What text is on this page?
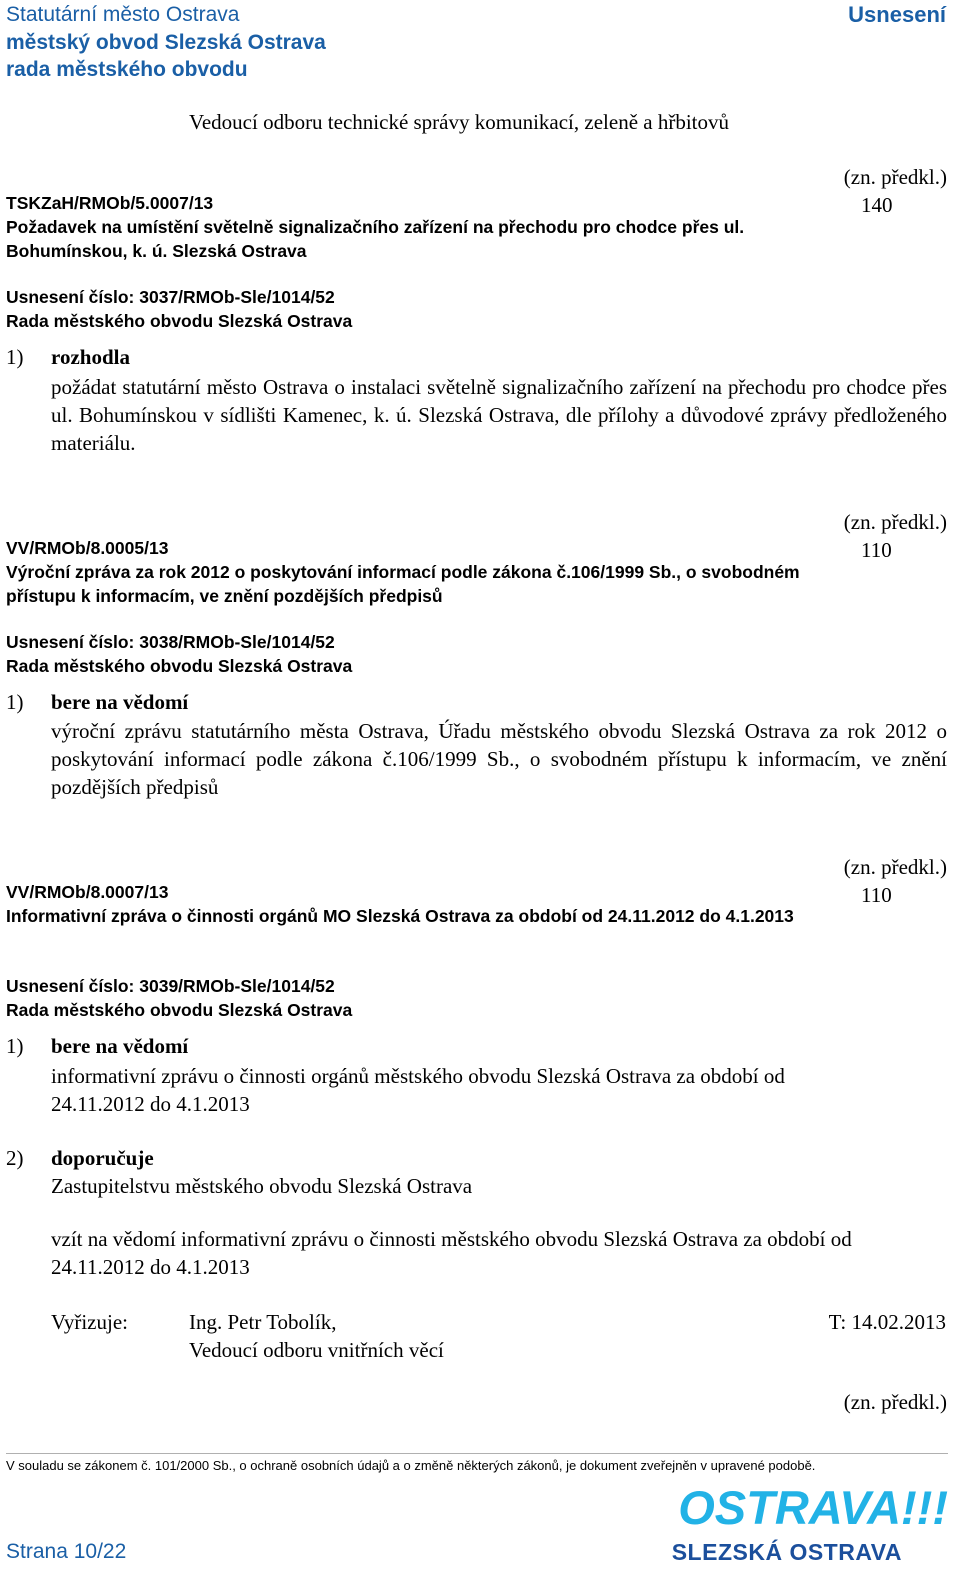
Statutární město Ostrava
městský obvod Slezská Ostrava
rada městského obvodu
Usnesení
Vedoucí odboru technické správy komunikací, zeleně a hřbitovů
(zn. předkl.)
140
TSKZaH/RMOb/5.0007/13
Požadavek na umístění světelně signalizačního zařízení na přechodu pro chodce přes ul. Bohumínskou, k. ú. Slezská Ostrava
Usnesení číslo: 3037/RMOb-Sle/1014/52
Rada městského obvodu Slezská Ostrava
1) rozhodla
požádat statutární město Ostrava o instalaci světelně signalizačního zařízení na přechodu pro chodce přes ul. Bohumínskou v sídlišti Kamenec, k. ú. Slezská Ostrava, dle přílohy a důvodové zprávy předloženého materiálu.
(zn. předkl.)
110
VV/RMOb/8.0005/13
Výroční zpráva za rok 2012 o poskytování informací podle zákona č.106/1999 Sb., o svobodném přístupu k informacím, ve znění pozdějších předpisů
Usnesení číslo: 3038/RMOb-Sle/1014/52
Rada městského obvodu Slezská Ostrava
1) bere na vědomí
výroční zprávu statutárního města Ostrava, Úřadu městského obvodu Slezská Ostrava za rok 2012 o poskytování informací podle zákona č.106/1999 Sb., o svobodném přístupu k informacím, ve znění pozdějších předpisů
(zn. předkl.)
110
VV/RMOb/8.0007/13
Informativní zpráva o činnosti orgánů MO Slezská Ostrava za období od 24.11.2012 do 4.1.2013
Usnesení číslo: 3039/RMOb-Sle/1014/52
Rada městského obvodu Slezská Ostrava
1) bere na vědomí
informativní zprávu o činnosti orgánů městského obvodu Slezská Ostrava za období od 24.11.2012 do 4.1.2013
2) doporučuje
Zastupitelstvu městského obvodu Slezská Ostrava
vzít na vědomí informativní zprávu o činnosti městského obvodu Slezská Ostrava za období od 24.11.2012 do 4.1.2013
Vyřizuje:	Ing. Petr Tobolík,
Vedoucí odboru vnitřních věcí
T: 14.02.2013
(zn. předkl.)
V souladu se zákonem č. 101/2000 Sb., o ochraně osobních údajů a o změně některých zákonů, je dokument zveřejněn v upravené podobě.
Strana 10/22
OSTRAVA!!!
SLEZSKÁ OSTRAVA
